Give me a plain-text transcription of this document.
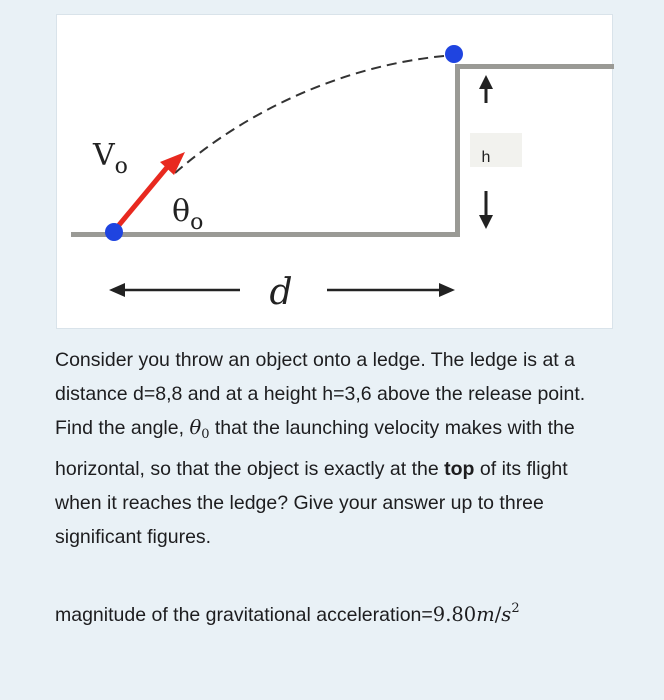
$V_o$
$\theta_o$
h
d

Consider you throw an object onto a ledge. The ledge is at a distance d=8,8 and at a height h=3,6 above the release point. Find the angle, $\theta_0$ that the launching velocity makes with the horizontal, so that the object is exactly at the top of its flight when it reaches the ledge? Give your answer up to three significant figures.

magnitude of the gravitational $acceleration=9.80m/s^2$
